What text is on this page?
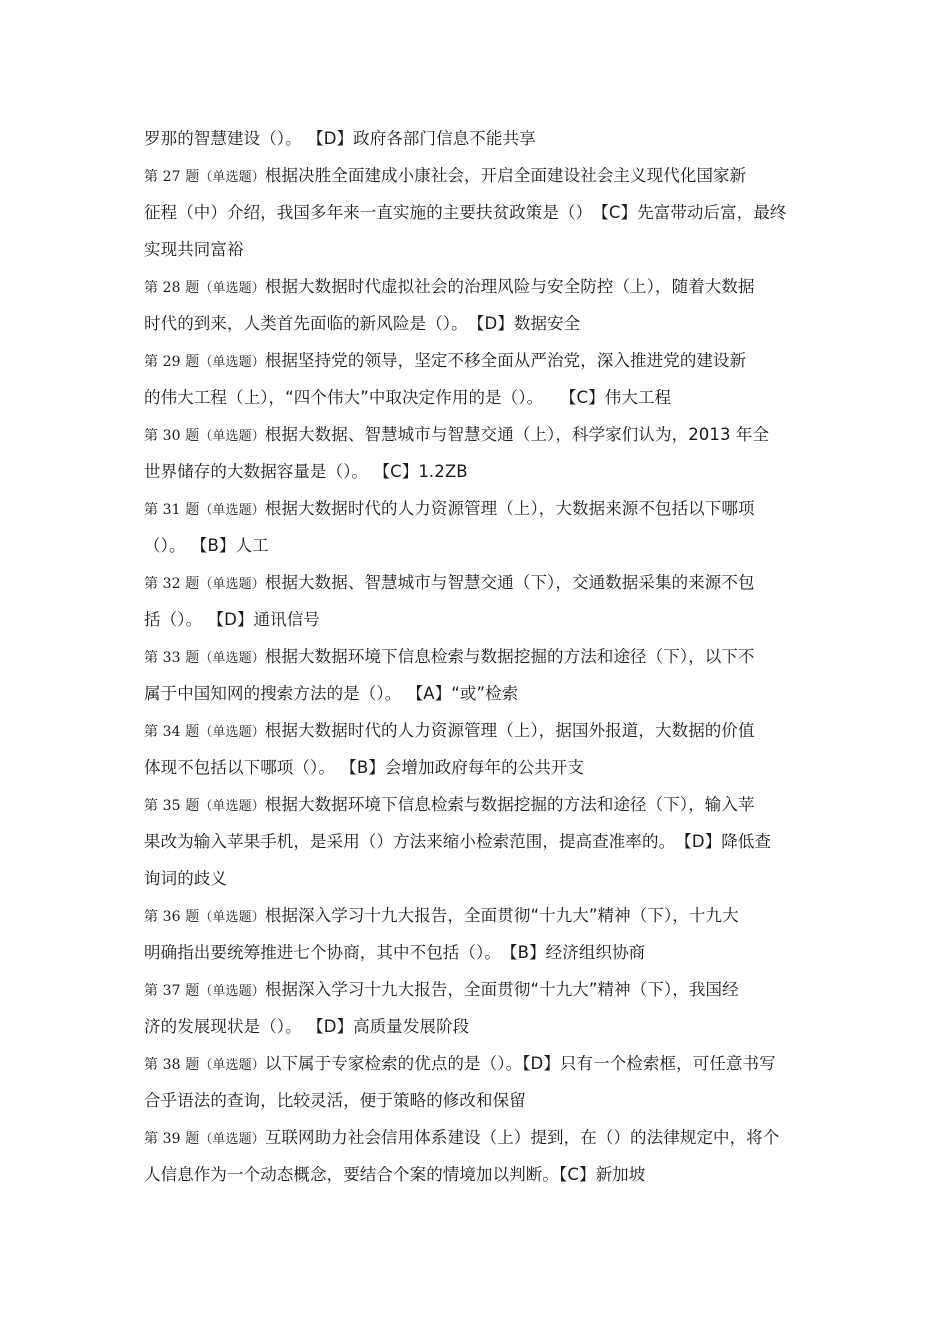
罗那的智慧建设（）。 【D】政府各部门信息不能共享
第 27 题（单选题）根据决胜全面建成小康社会，开启全面建设社会主义现代化国家新
征程（中）介绍，我国多年来一直实施的主要扶贫政策是（）　【C】先富带动后富，最终
实现共同富裕
第 28 题（单选题）根据大数据时代虚拟社会的治理风险与安全防控（上），随着大数据
时代的到来，人类首先面临的新风险是（）。　【D】数据安全
第 29 题（单选题）根据坚持党的领导，坚定不移全面从严治党，深入推进党的建设新
的伟大工程（上），“四个伟大”中取决定作用的是（）。　　【C】伟大工程
第 30 题（单选题）根据大数据、智慧城市与智慧交通（上），科学家们认为，2013 年全
世界储存的大数据容量是（）。 【C】1.2ZB
第 31 题（单选题）根据大数据时代的人力资源管理（上），大数据来源不包括以下哪项
（）。 【B】人工
第 32 题（单选题）根据大数据、智慧城市与智慧交通（下），交通数据采集的来源不包
括（）。 【D】通讯信号
第 33 题（单选题）根据大数据环境下信息检索与数据挖掘的方法和途径（下），以下不
属于中国知网的搜索方法的是（）。 【A】“或”检索
第 34 题（单选题）根据大数据时代的人力资源管理（上），据国外报道，大数据的价值
体现不包括以下哪项（）。 【B】会增加政府每年的公共开支
第 35 题（单选题）根据大数据环境下信息检索与数据挖掘的方法和途径（下），输入苹
果改为输入苹果手机，是采用（）方法来缩小检索范围，提高查准率的。　【D】降低查
询词的歧义
第 36 题（单选题）根据深入学习十九大报告，全面贯彻“十九大”精神（下），十九大
明确指出要统筹推进七个协商，其中不包括（）。　【B】经济组织协商
第 37 题（单选题）根据深入学习十九大报告，全面贯彻“十九大”精神（下），我国经
济的发展现状是（）。 【D】高质量发展阶段
第 38 题（单选题）以下属于专家检索的优点的是（）。【D】只有一个检索框，可任意书写
合乎语法的查询，比较灵活，便于策略的修改和保留
第 39 题（单选题）互联网助力社会信用体系建设（上）提到，在（）的法律规定中，将个
人信息作为一个动态概念，要结合个案的情境加以判断。【C】新加坡
